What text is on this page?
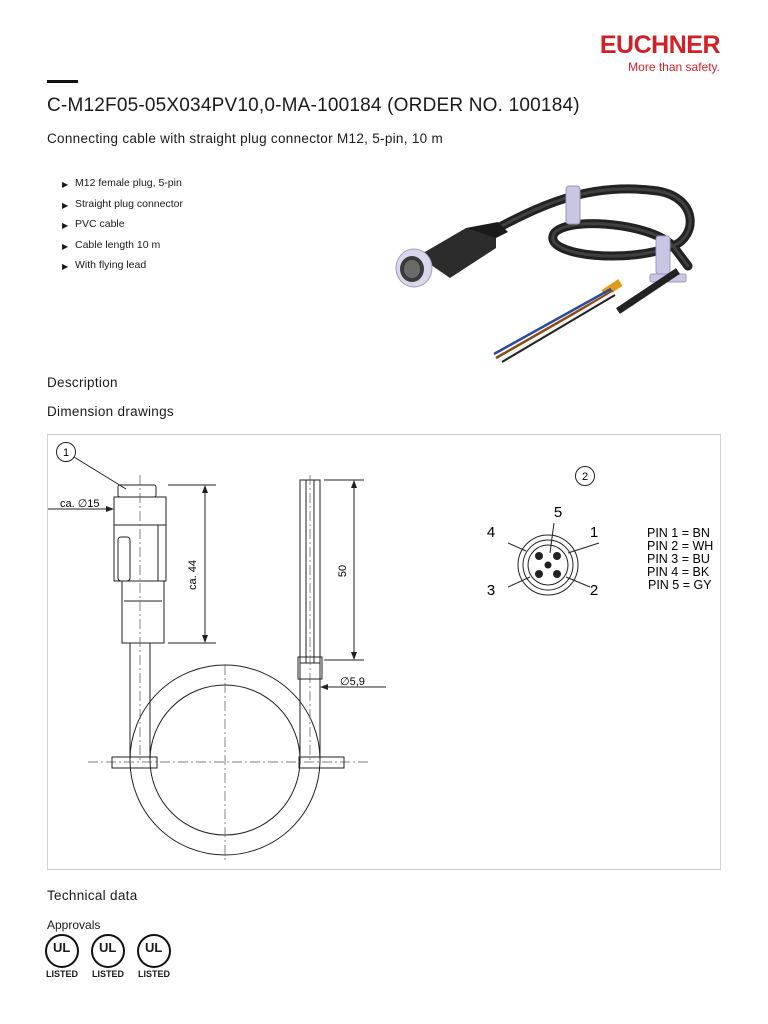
EUCHNER
More than safety.
C-M12F05-05X034PV10,0-MA-100184 (ORDER NO. 100184)
Connecting cable with straight plug connector M12, 5-pin, 10 m
▶ M12 female plug, 5-pin
▶ Straight plug connector
▶ PVC cable
▶ Cable length 10 m
▶ With flying lead
Description
Dimension drawings
1
ca. ∅15
ca. 44	50
∅5,9
2
5
1
4
3	2
PIN 1 = BN
PIN 2 = WH
PIN 3 = BU
PIN 4 = BK
PIN 5 = GY
Technical data
Approvals
UL
LISTED
UL
LISTED
UL
LISTED
